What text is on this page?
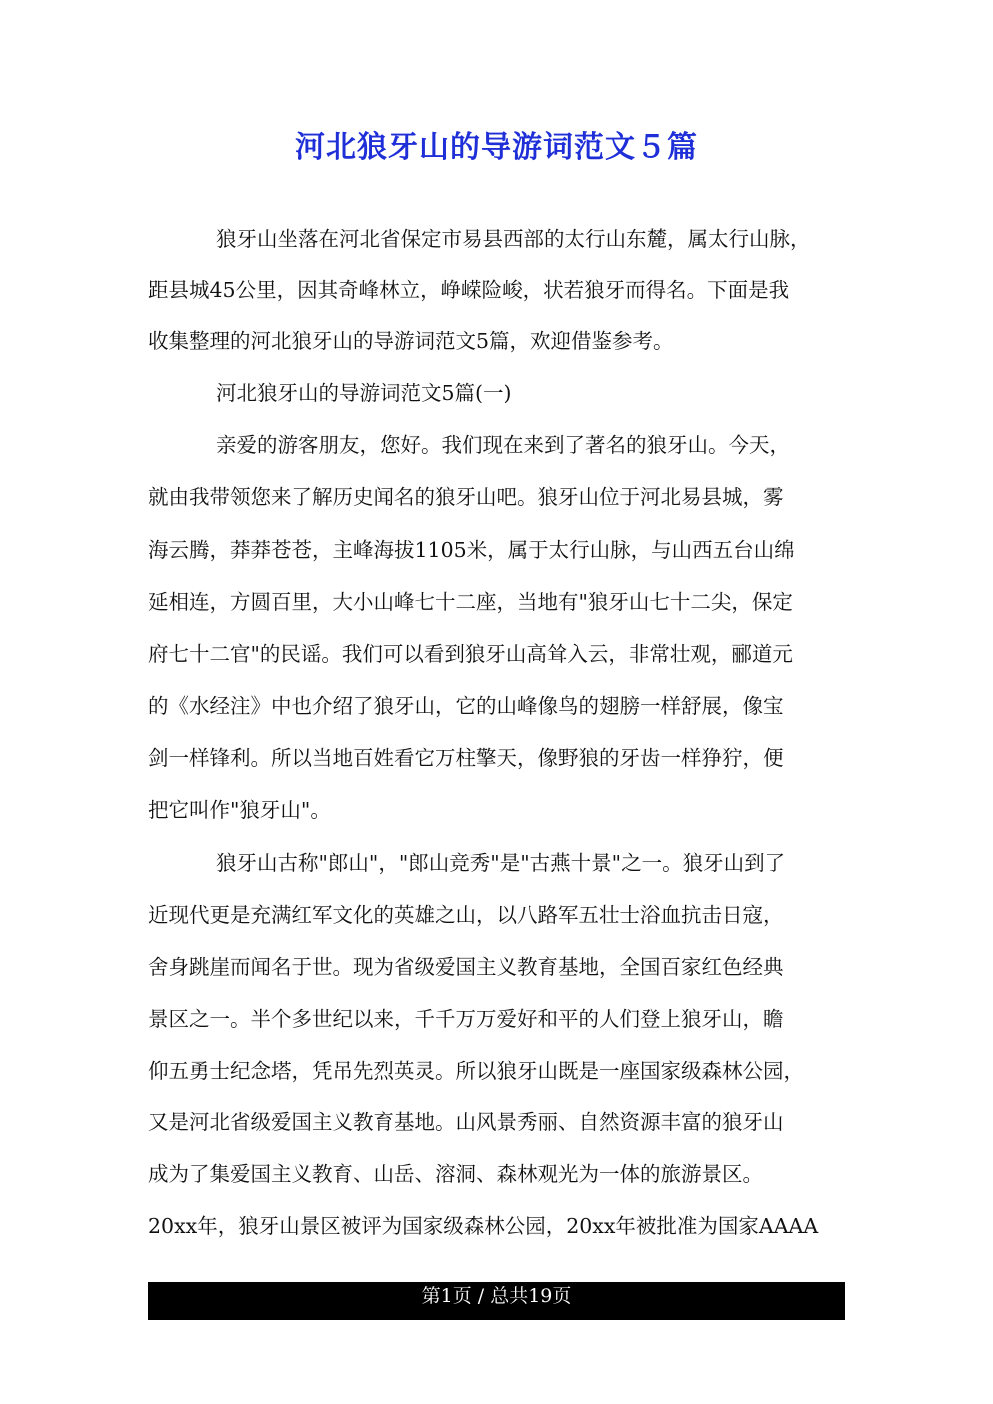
河北狼牙山的导游词范文５篇
狼牙山坐落在河北省保定市易县西部的太行山东麓，属太行山脉，
距县城45公里，因其奇峰林立，峥嵘险峻，状若狼牙而得名。下面是我
收集整理的河北狼牙山的导游词范文5篇，欢迎借鉴参考。
河北狼牙山的导游词范文5篇(一)
亲爱的游客朋友，您好。我们现在来到了著名的狼牙山。今天，
就由我带领您来了解历史闻名的狼牙山吧。狼牙山位于河北易县城，雾
海云腾，莽莽苍苍，主峰海拔1105米，属于太行山脉，与山西五台山绵
延相连，方圆百里，大小山峰七十二座，当地有"狼牙山七十二尖，保定
府七十二官"的民谣。我们可以看到狼牙山高耸入云，非常壮观，郦道元
的《水经注》中也介绍了狼牙山，它的山峰像鸟的翅膀一样舒展，像宝
剑一样锋利。所以当地百姓看它万柱擎天，像野狼的牙齿一样狰狞，便
把它叫作"狼牙山"。
狼牙山古称"郎山"，"郎山竞秀"是"古燕十景"之一。狼牙山到了
近现代更是充满红军文化的英雄之山，以八路军五壮士浴血抗击日寇，
舍身跳崖而闻名于世。现为省级爱国主义教育基地，全国百家红色经典
景区之一。半个多世纪以来，千千万万爱好和平的人们登上狼牙山，瞻
仰五勇士纪念塔，凭吊先烈英灵。所以狼牙山既是一座国家级森林公园，
又是河北省级爱国主义教育基地。山风景秀丽、自然资源丰富的狼牙山
成为了集爱国主义教育、山岳、溶洞、森林观光为一体的旅游景区。
20xx年，狼牙山景区被评为国家级森林公园，20xx年被批准为国家AAAA
第1页 / 总共19页
